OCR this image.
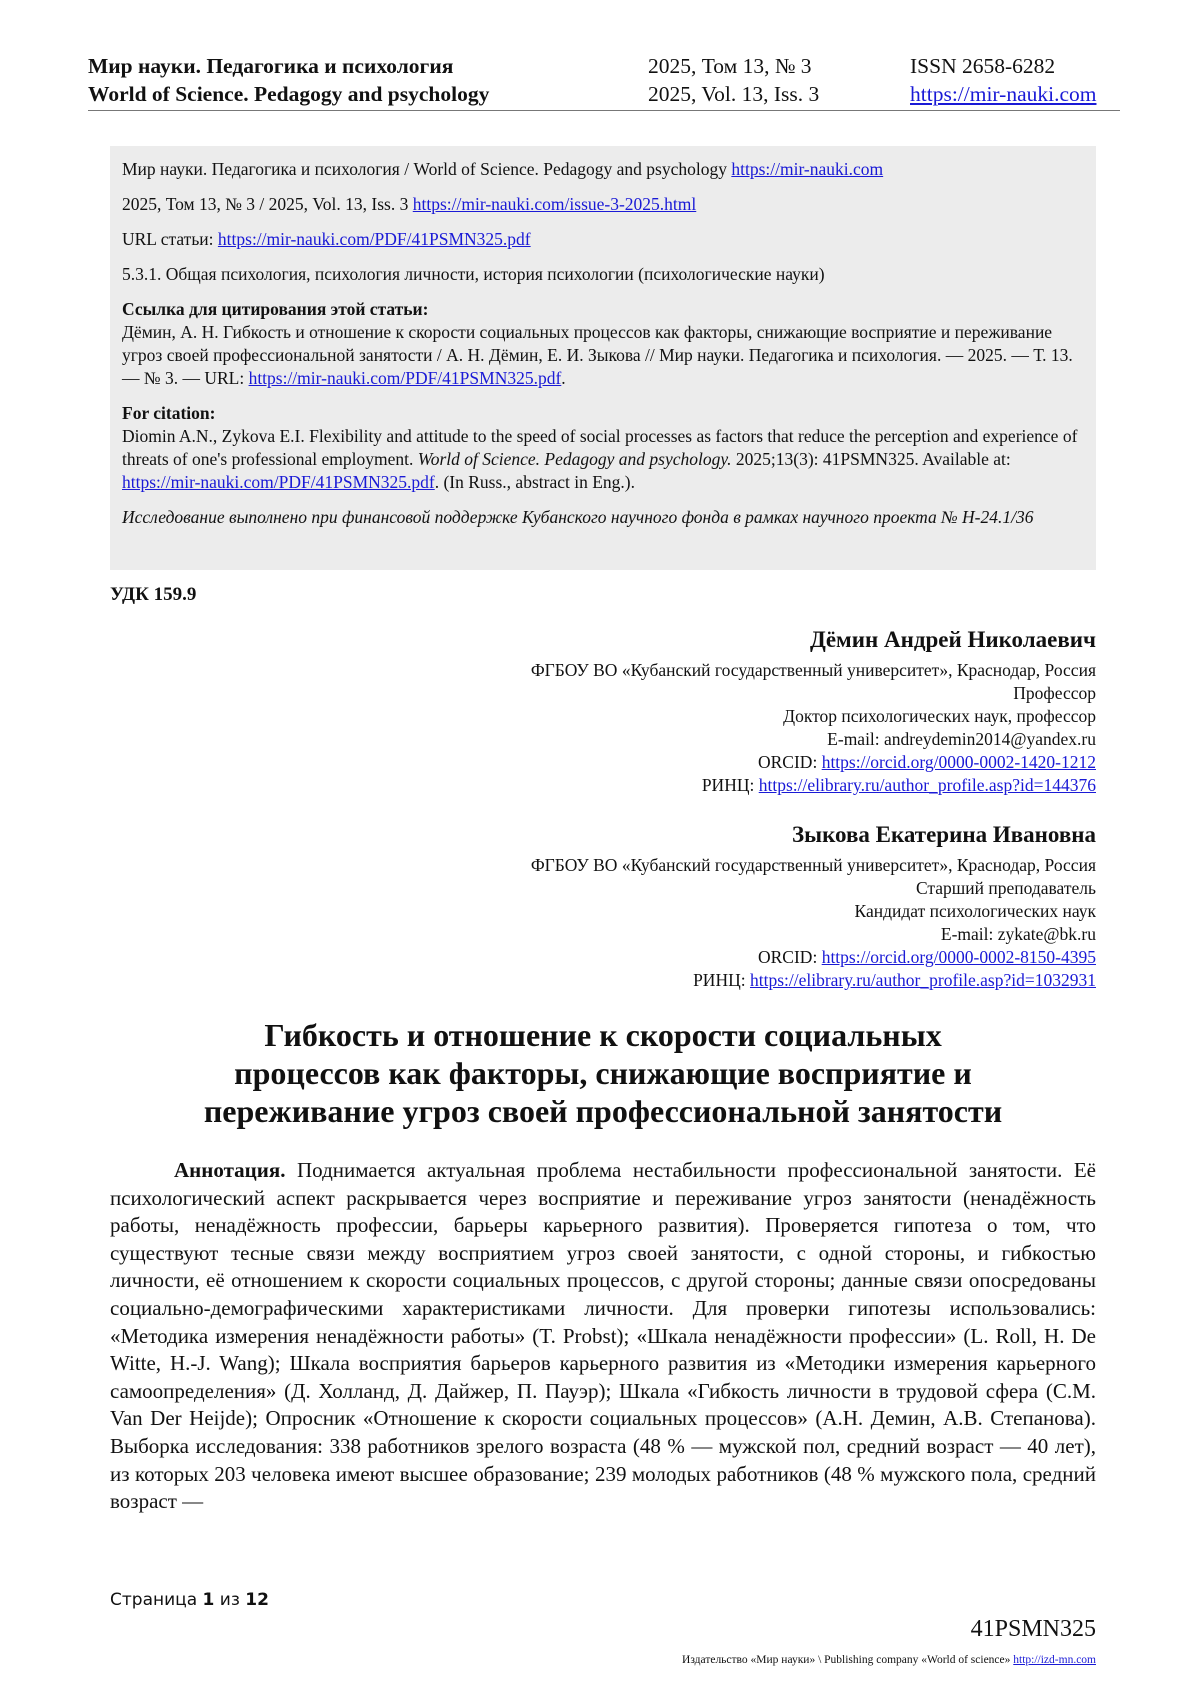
Мир науки. Педагогика и психология
World of Science. Pedagogy and psychology
2025, Том 13, № 3
2025, Vol. 13, Iss. 3
ISSN 2658-6282
https://mir-nauki.com

Мир науки. Педагогика и психология / World of Science. Pedagogy and psychology https://mir-nauki.com

2025, Том 13, № 3 / 2025, Vol. 13, Iss. 3 https://mir-nauki.com/issue-3-2025.html

URL статьи: https://mir-nauki.com/PDF/41PSMN325.pdf

5.3.1. Общая психология, психология личности, история психологии (психологические науки)

Ссылка для цитирования этой статьи:
Дёмин, А. Н. Гибкость и отношение к скорости социальных процессов как факторы, снижающие восприятие и переживание угроз своей профессиональной занятости / А. Н. Дёмин, Е. И. Зыкова // Мир науки. Педагогика и психология. — 2025. — Т. 13. — № 3. — URL: https://mir-nauki.com/PDF/41PSMN325.pdf.

For citation:
Diomin A.N., Zykova E.I. Flexibility and attitude to the speed of social processes as factors that reduce the perception and experience of threats of one's professional employment. World of Science. Pedagogy and psychology. 2025;13(3): 41PSMN325. Available at: https://mir-nauki.com/PDF/41PSMN325.pdf. (In Russ., abstract in Eng.).

Исследование выполнено при финансовой поддержке Кубанского научного фонда в рамках научного проекта № Н-24.1/36

УДК 159.9
Дёмин Андрей Николаевич
ФГБОУ ВО «Кубанский государственный университет», Краснодар, Россия
Профессор
Доктор психологических наук, профессор
E-mail: andreydemin2014@yandex.ru
ORCID: https://orcid.org/0000-0002-1420-1212
РИНЦ: https://elibrary.ru/author_profile.asp?id=144376
Зыкова Екатерина Ивановна
ФГБОУ ВО «Кубанский государственный университет», Краснодар, Россия
Старший преподаватель
Кандидат психологических наук
E-mail: zykate@bk.ru
ORCID: https://orcid.org/0000-0002-8150-4395
РИНЦ: https://elibrary.ru/author_profile.asp?id=1032931
Гибкость и отношение к скорости социальных
процессов как факторы, снижающие восприятие и
переживание угроз своей профессиональной занятости

Аннотация. Поднимается актуальная проблема нестабильности профессиональной занятости. Её психологический аспект раскрывается через восприятие и переживание угроз занятости (ненадёжность работы, ненадёжность профессии, барьеры карьерного развития). Проверяется гипотеза о том, что существуют тесные связи между восприятием угроз своей занятости, с одной стороны, и гибкостью личности, её отношением к скорости социальных процессов, с другой стороны; данные связи опосредованы социально-демографическими характеристиками личности. Для проверки гипотезы использовались: «Методика измерения ненадёжности работы» (T. Probst); «Шкала ненадёжности профессии» (L. Roll, H. De Witte, H.-J. Wang); Шкала восприятия барьеров карьерного развития из «Методики измерения карьерного самоопределения» (Д. Холланд, Д. Дайжер, П. Пауэр); Шкала «Гибкость личности в трудовой сфера (C.M. Van Der Heijde); Опросник «Отношение к скорости социальных процессов» (А.Н. Демин, А.В. Степанова). Выборка исследования: 338 работников зрелого возраста (48 % — мужской пол, средний возраст — 40 лет), из которых 203 человека имеют высшее образование; 239 молодых работников (48 % мужского пола, средний возраст —

Страница 1 из 12
41PSMN325
Издательство «Мир науки» \ Publishing company «World of science» http://izd-mn.com
